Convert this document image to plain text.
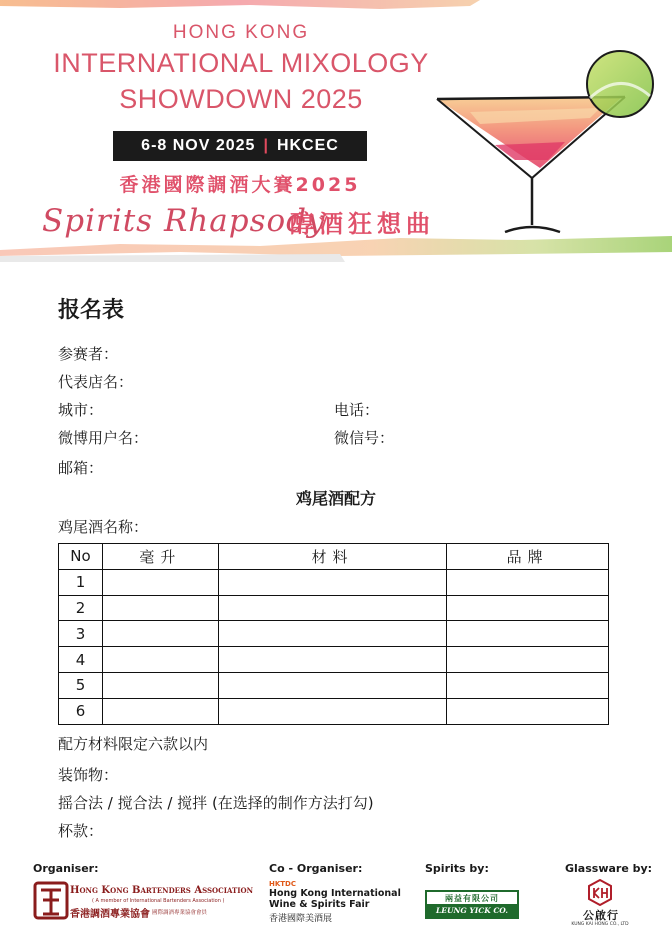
HONG KONG
INTERNATIONAL MIXOLOGY
SHOWDOWN 2025
6-8 NOV 2025 | HKCEC
香港國際調酒大賽2025
Spirits Rhapsody
醇酒狂想曲
报名表
参赛者：
代表店名：
城市：	电话：
微博用户名：	微信号：
邮箱：
鸡尾酒配方
鸡尾酒名称：
No	毫升	材料	品牌
1			
2			
3			
4			
5			
6			
配方材料限定六款以内
装饰物：
摇合法 / 搅合法 / 搅拌 (在选择的制作方法打勾)
杯款：
Organiser:	Co - Organiser:	Spirits by:	Glassware by:
Hong Kong Bartenders Association
( A member of International Bartenders Association )
香港調酒專業協會 國際調酒專業協會會員
HKTDC
Hong Kong International Wine & Spirits Fair
香港國際美酒展
兩益有限公司
LEUNG YICK CO. LTD
公啟行
KUNG KAI HONG CO., LTD
